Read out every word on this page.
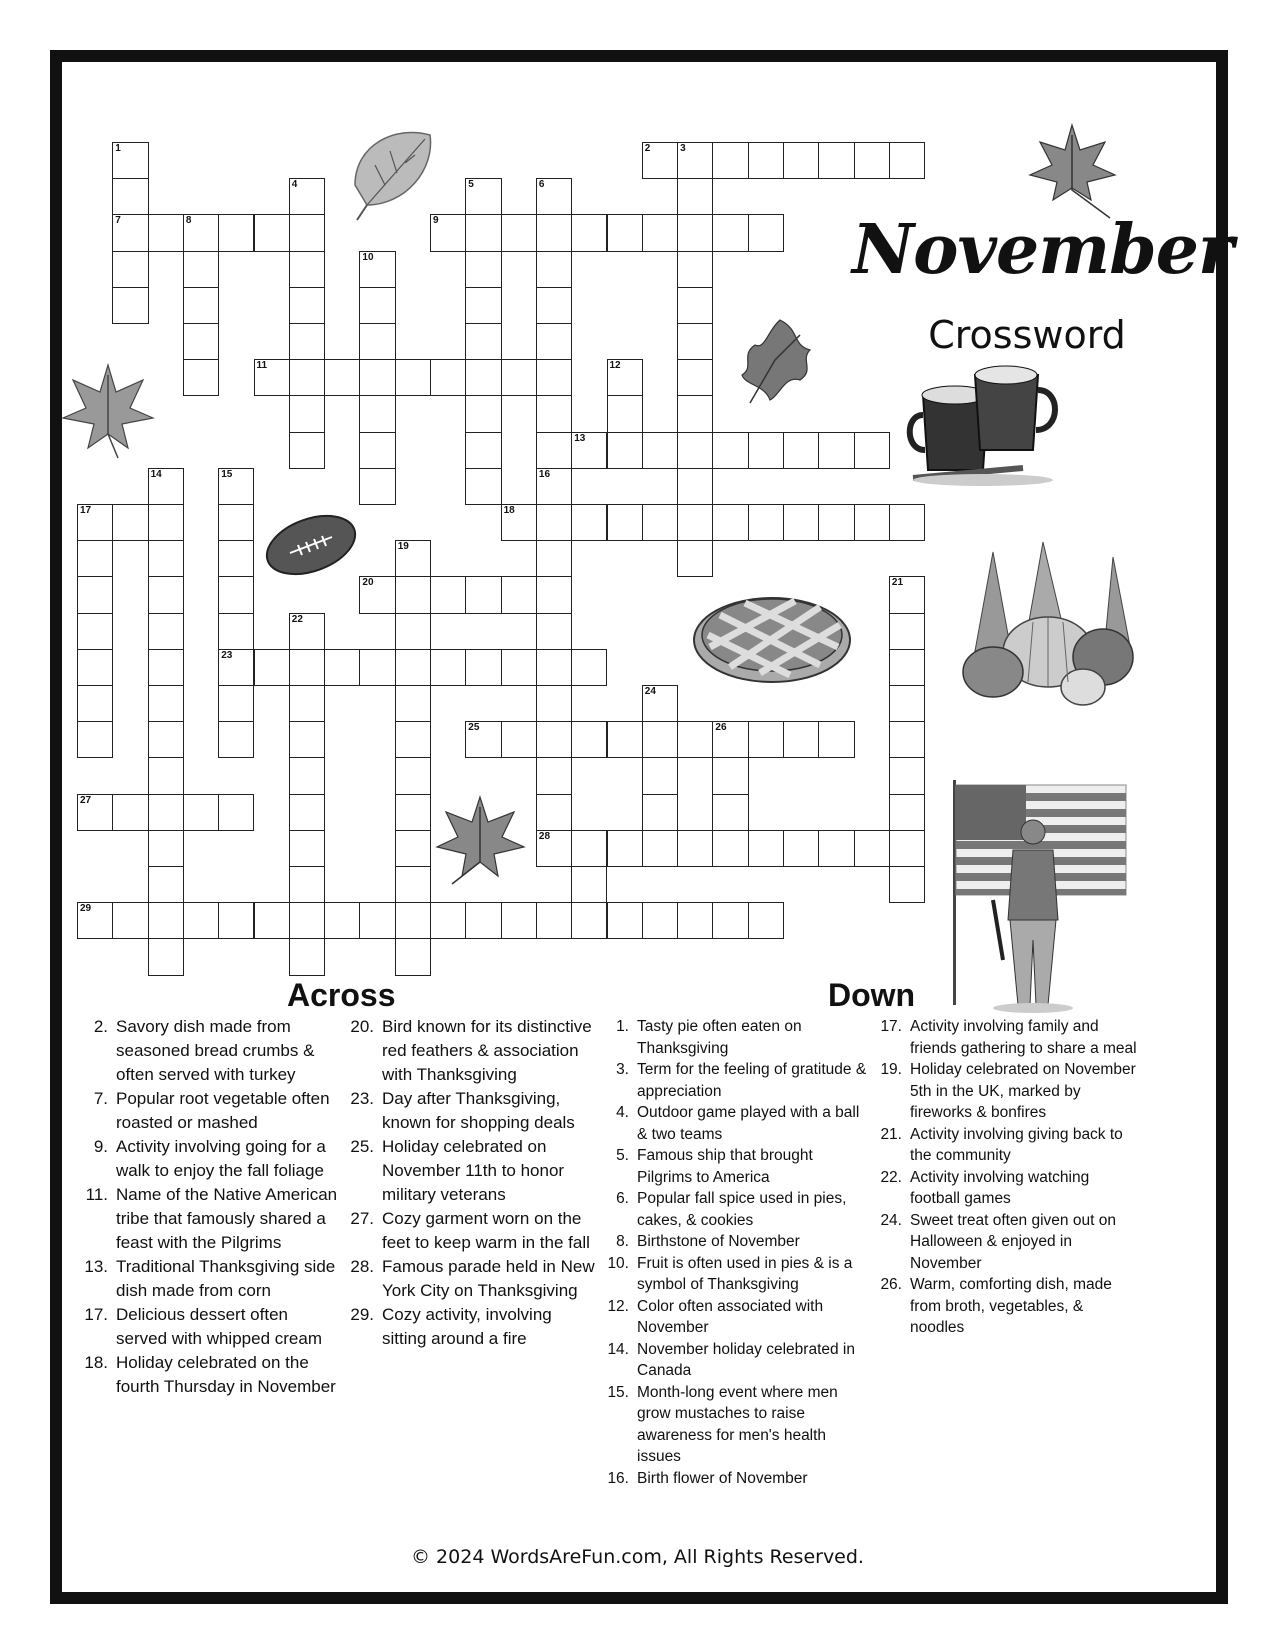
November
Crossword
1
7
2	3
4	5	6
16
8	9
10
11	12
13
14	15
23
17	18
19
20	21
22
24
25	26
27
28
29
Across	Down
2. Savory dish made from seasoned bread crumbs & often served with turkey
7. Popular root vegetable often roasted or mashed
9. Activity involving going for a walk to enjoy the fall foliage
11. Name of the Native American tribe that famously shared a feast with the Pilgrims
13. Traditional Thanksgiving side dish made from corn
17. Delicious dessert often served with whipped cream
18. Holiday celebrated on the fourth Thursday in November
20. Bird known for its distinctive red feathers & association with Thanksgiving
23. Day after Thanksgiving, known for shopping deals
25. Holiday celebrated on November 11th to honor military veterans
27. Cozy garment worn on the feet to keep warm in the fall
28. Famous parade held in New York City on Thanksgiving
29. Cozy activity, involving sitting around a fire
1. Tasty pie often eaten on Thanksgiving
3. Term for the feeling of gratitude & appreciation
4. Outdoor game played with a ball & two teams
5. Famous ship that brought Pilgrims to America
6. Popular fall spice used in pies, cakes, & cookies
8. Birthstone of November
10. Fruit is often used in pies & is a symbol of Thanksgiving
12. Color often associated with November
14. November holiday celebrated in Canada
15. Month-long event where men grow mustaches to raise awareness for men's health issues
16. Birth flower of November
17. Activity involving family and friends gathering to share a meal
19. Holiday celebrated on November 5th in the UK, marked by fireworks & bonfires
21. Activity involving giving back to the community
22. Activity involving watching football games
24. Sweet treat often given out on Halloween & enjoyed in November
26. Warm, comforting dish, made from broth, vegetables, & noodles
© 2024 WordsAreFun.com, All Rights Reserved.
